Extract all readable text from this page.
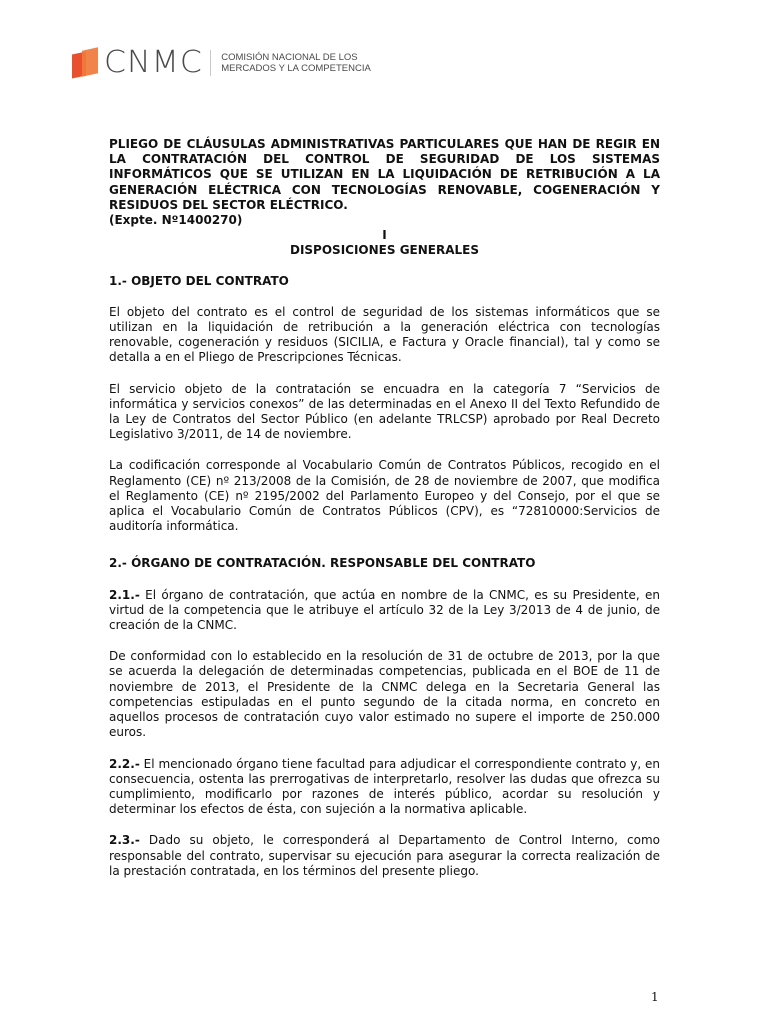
CNMC COMISIÓN NACIONAL DE LOS
MERCADOS Y LA COMPETENCIA

PLIEGO DE CLÁUSULAS ADMINISTRATIVAS PARTICULARES QUE HAN DE REGIR EN LA CONTRATACIÓN DEL CONTROL DE SEGURIDAD DE LOS SISTEMAS INFORMÁTICOS QUE SE UTILIZAN EN LA LIQUIDACIÓN DE RETRIBUCIÓN A LA GENERACIÓN ELÉCTRICA CON TECNOLOGÍAS RENOVABLE, COGENERACIÓN Y RESIDUOS DEL SECTOR ELÉCTRICO.

(Expte. Nº1400270)

I

DISPOSICIONES GENERALES

1.- OBJETO DEL CONTRATO

El objeto del contrato es el control de seguridad de los sistemas informáticos que se utilizan en la liquidación de retribución a la generación eléctrica con tecnologías renovable, cogeneración y residuos (SICILIA, e Factura y Oracle financial), tal y como se detalla a en el Pliego de Prescripciones Técnicas.

El servicio objeto de la contratación se encuadra en la categoría 7 “Servicios de informática y servicios conexos” de las determinadas en el Anexo II del Texto Refundido de la Ley de Contratos del Sector Público (en adelante TRLCSP) aprobado por Real Decreto Legislativo 3/2011, de 14 de noviembre.

La codificación corresponde al Vocabulario Común de Contratos Públicos, recogido en el Reglamento (CE) nº 213/2008 de la Comisión, de 28 de noviembre de 2007, que modifica el Reglamento (CE) nº 2195/2002 del Parlamento Europeo y del Consejo, por el que se aplica el Vocabulario Común de Contratos Públicos (CPV), es “72810000:Servicios de auditoría informática.

2.- ÓRGANO DE CONTRATACIÓN. RESPONSABLE DEL CONTRATO

2.1.- El órgano de contratación, que actúa en nombre de la CNMC, es su Presidente, en virtud de la competencia que le atribuye el artículo 32 de la Ley 3/2013 de 4 de junio, de creación de la CNMC.

De conformidad con lo establecido en la resolución de 31 de octubre de 2013, por la que se acuerda la delegación de determinadas competencias, publicada en el BOE de 11 de noviembre de 2013, el Presidente de la CNMC delega en la Secretaria General las competencias estipuladas en el punto segundo de la citada norma, en concreto en aquellos procesos de contratación cuyo valor estimado no supere el importe de 250.000 euros.

2.2.- El mencionado órgano tiene facultad para adjudicar el correspondiente contrato y, en consecuencia, ostenta las prerrogativas de interpretarlo, resolver las dudas que ofrezca su cumplimiento, modificarlo por razones de interés público, acordar su resolución y determinar los efectos de ésta, con sujeción a la normativa aplicable.

2.3.- Dado su objeto, le corresponderá al Departamento de Control Interno, como responsable del contrato, supervisar su ejecución para asegurar la correcta realización de la prestación contratada, en los términos del presente pliego.

1
